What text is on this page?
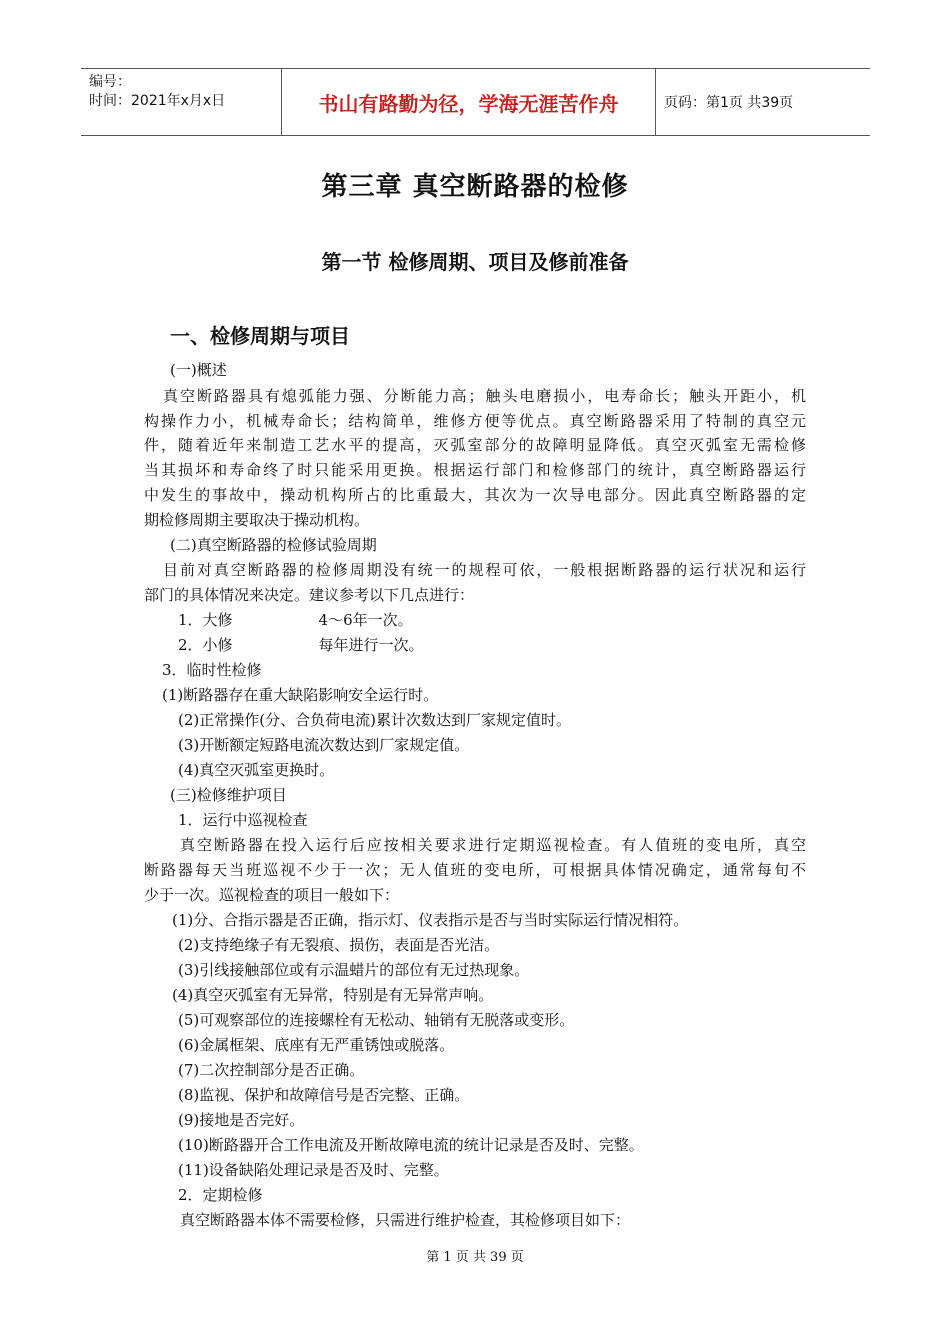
编号：
时间：2021年x月x日	书山有路勤为径，学海无涯苦作舟	页码：第1页 共39页
第三章 真空断路器的检修
第一节 检修周期、项目及修前准备
一、检修周期与项目
(一)概述
真空断路器具有熄弧能力强、分断能力高；触头电磨损小，电寿命长；触头开距小，机
构操作力小，机械寿命长；结构简单，维修方便等优点。真空断路器采用了特制的真空元
件，随着近年来制造工艺水平的提高，灭弧室部分的故障明显降低。真空灭弧室无需检修
当其损坏和寿命终了时只能采用更换。根据运行部门和检修部门的统计，真空断路器运行
中发生的事故中，操动机构所占的比重最大，其次为一次导电部分。因此真空断路器的定
期检修周期主要取决于操动机构。
(二)真空断路器的检修试验周期
目前对真空断路器的检修周期没有统一的规程可依，一般根据断路器的运行状况和运行
部门的具体情况来决定。建议参考以下几点进行：
1．大修	4～6年一次。
2．小修	每年进行一次。
3．临时性检修
(1)断路器存在重大缺陷影响安全运行时。
(2)正常操作(分、合负荷电流)累计次数达到厂家规定值时。
(3)开断额定短路电流次数达到厂家规定值。
(4)真空灭弧室更换时。
(三)检修维护项目
1．运行中巡视检查
真空断路器在投入运行后应按相关要求进行定期巡视检查。有人值班的变电所，真空
断路器每天当班巡视不少于一次；无人值班的变电所，可根据具体情况确定，通常每旬不
少于一次。巡视检查的项目一般如下：
(1)分、合指示器是否正确，指示灯、仪表指示是否与当时实际运行情况相符。
(2)支持绝缘子有无裂痕、损伤，表面是否光洁。
(3)引线接触部位或有示温蜡片的部位有无过热现象。
(4)真空灭弧室有无异常，特别是有无异常声响。
(5)可观察部位的连接螺栓有无松动、轴销有无脱落或变形。
(6)金属框架、底座有无严重锈蚀或脱落。
(7)二次控制部分是否正确。
(8)监视、保护和故障信号是否完整、正确。
(9)接地是否完好。
(10)断路器开合工作电流及开断故障电流的统计记录是否及时、完整。
(11)设备缺陷处理记录是否及时、完整。
2．定期检修
真空断路器本体不需要检修，只需进行维护检查，其检修项目如下：
第 1 页 共 39 页
